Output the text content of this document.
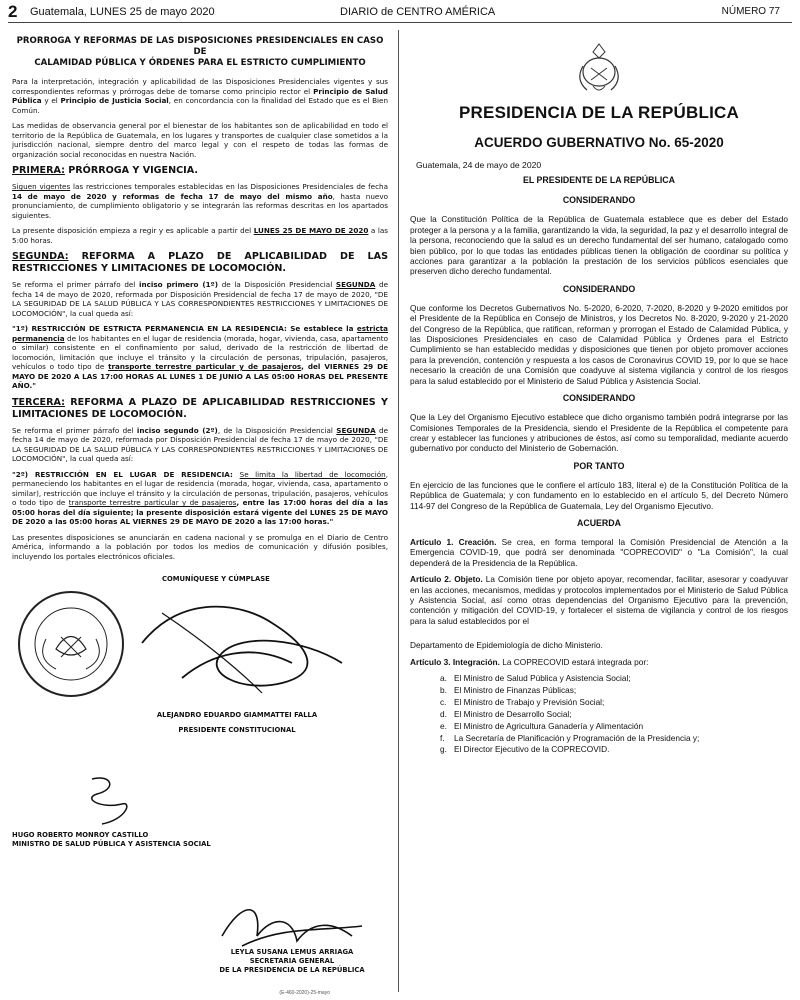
2 Guatemala, LUNES 25 de mayo 2020	DIARIO de CENTRO AMÉRICA	NÚMERO 77
PRÓRROGA Y REFORMAS DE LAS DISPOSICIONES PRESIDENCIALES EN CASO DE
CALAMIDAD PÚBLICA Y ÓRDENES PARA EL ESTRICTO CUMPLIMIENTO

Para la interpretación, integración y aplicabilidad de las Disposiciones Presidenciales vigentes y sus correspondientes reformas y prórrogas debe de tomarse como principio rector el Principio de Salud Pública y el Principio de Justicia Social, en concordancia con la finalidad del Estado que es el Bien Común.

Las medidas de observancia general por el bienestar de los habitantes son de aplicabilidad en todo el territorio de la República de Guatemala, en los lugares y transportes de cualquier clase sometidos a la jurisdicción nacional, siempre dentro del marco legal y con el respeto de todas las formas de organización social reconocidas en nuestra Nación.

PRIMERA: PRÓRROGA Y VIGENCIA.

Siguen vigentes las restricciones temporales establecidas en las Disposiciones Presidenciales de fecha 14 de mayo de 2020 y reformas de fecha 17 de mayo del mismo año, hasta nuevo pronunciamiento, de cumplimiento obligatorio y se integrarán las reformas descritas en los apartados siguientes.

La presente disposición empieza a regir y es aplicable a partir del LUNES 25 DE MAYO DE 2020 a las 5:00 horas.

SEGUNDA: REFORMA A PLAZO DE APLICABILIDAD DE LAS RESTRICCIONES Y LIMITACIONES DE LOCOMOCIÓN.

Se reforma el primer párrafo del inciso primero (1º) de la Disposición Presidencial SEGUNDA de fecha 14 de mayo de 2020, reformada por Disposición Presidencial de fecha 17 de mayo de 2020, "DE LA SEGURIDAD DE LA SALUD PÚBLICA Y LAS CORRESPONDIENTES RESTRICCIONES Y LIMITACIONES DE LOCOMOCIÓN", la cual queda así:

"1º) RESTRICCIÓN DE ESTRICTA PERMANENCIA EN LA RESIDENCIA: Se establece la estricta permanencia de los habitantes en el lugar de residencia (morada, hogar, vivienda, casa, apartamento o similar) consistente en el confinamiento por salud, derivado de la restricción de libertad de locomoción, limitación que incluye el tránsito y la circulación de personas, tripulación, pasajeros, vehículos o todo tipo de transporte terrestre particular y de pasajeros, del VIERNES 29 DE MAYO DE 2020 A LAS 17:00 HORAS AL LUNES 1 DE JUNIO A LAS 05:00 HORAS DEL PRESENTE AÑO."

TERCERA: REFORMA A PLAZO DE APLICABILIDAD RESTRICCIONES Y LIMITACIONES DE LOCOMOCIÓN.

Se reforma el primer párrafo del inciso segundo (2º), de la Disposición Presidencial SEGUNDA de fecha 14 de mayo de 2020, reformada por Disposición Presidencial de fecha 17 de mayo de 2020, "DE LA SEGURIDAD DE LA SALUD PÚBLICA Y LAS CORRESPONDIENTES RESTRICCIONES Y LIMITACIONES DE LOCOMOCIÓN", la cual queda así:

"2º) RESTRICCIÓN EN EL LUGAR DE RESIDENCIA: Se limita la libertad de locomoción, permaneciendo los habitantes en el lugar de residencia (morada, hogar, vivienda, casa, apartamento o similar), restricción que incluye el tránsito y la circulación de personas, tripulación, pasajeros, vehículos o todo tipo de transporte terrestre particular y de pasajeros, entre las 17:00 horas del día a las 05:00 horas del día siguiente; la presente disposición estará vigente del LUNES 25 DE MAYO DE 2020 a las 05:00 horas AL VIERNES 29 DE MAYO DE 2020 a las 17:00 horas."

Las presentes disposiciones se anunciarán en cadena nacional y se promulga en el Diario de Centro América, informando a la población por todos los medios de comunicación y difusión posibles, incluyendo los portales electrónicos oficiales.

COMUNÍQUESE Y CÚMPLASE
ALEJANDRO EDUARDO GIAMMATTEI FALLA
PRESIDENTE CONSTITUCIONAL
HUGO ROBERTO MONROY CASTILLO
MINISTRO DE SALUD PÚBLICA Y ASISTENCIA SOCIAL
LEYLA SUSANA LEMUS ARRIAGA
SECRETARIA GENERAL
DE LA PRESIDENCIA DE LA REPÚBLICA
PRESIDENCIA DE LA REPÚBLICA
ACUERDO GUBERNATIVO No. 65-2020
Guatemala, 24 de mayo de 2020
EL PRESIDENTE DE LA REPÚBLICA
CONSIDERANDO

Que la Constitución Política de la República de Guatemala establece que es deber del Estado proteger a la persona y a la familia, garantizando la vida, la seguridad, la paz y el desarrollo integral de la persona, reconociendo que la salud es un derecho fundamental del ser humano, catalogado como bien público, por lo que todas las entidades públicas tienen la obligación de coordinar su política y acciones para garantizar a la población la prestación de los servicios públicos esenciales que preserven dicho derecho fundamental.

CONSIDERANDO

Que conforme los Decretos Gubernativos No. 5-2020, 6-2020, 7-2020, 8-2020 y 9-2020 emitidos por el Presidente de la República en Consejo de Ministros, y los Decretos No. 8-2020, 9-2020 y 21-2020 del Congreso de la República, que ratifican, reforman y prorrogan el Estado de Calamidad Pública, y las Disposiciones Presidenciales en caso de Calamidad Pública y Órdenes para el Estricto Cumplimiento se han establecido medidas y disposiciones que tienen por objeto promover acciones para la prevención, contención y respuesta a los casos de Coronavirus COVID 19, por lo que se hace necesario la creación de una Comisión que coadyuve al sistema vigilancia y control de los riesgos para la salud establecido por el Ministerio de Salud Pública y Asistencia Social.

CONSIDERANDO

Que la Ley del Organismo Ejecutivo establece que dicho organismo también podrá integrarse por las Comisiones Temporales de la Presidencia, siendo el Presidente de la República el competente para crear y establecer las funciones y atribuciones de éstos, así como su temporalidad, mediante acuerdo gubernativo por conducto del Ministerio de Gobernación.

POR TANTO

En ejercicio de las funciones que le confiere el artículo 183, literal e) de la Constitución Política de la República de Guatemala; y con fundamento en lo establecido en el artículo 5, del Decreto Número 114-97 del Congreso de la República de Guatemala, Ley del Organismo Ejecutivo.

ACUERDA

Artículo 1. Creación. Se crea, en forma temporal la Comisión Presidencial de Atención a la Emergencia COVID-19, que podrá ser denominada "COPRECOVID" o "La Comisión", la cual dependerá de la Presidencia de la República.

Artículo 2. Objeto. La Comisión tiene por objeto apoyar, recomendar, facilitar, asesorar y coadyuvar en las acciones, mecanismos, medidas y protocolos implementados por el Ministerio de Salud Pública y Asistencia Social, así como otras dependencias del Organismo Ejecutivo para la prevención, contención y mitigación del COVID-19, y fortalecer el sistema de vigilancia y control de los riesgos para la salud establecidos por el

Departamento de Epidemiología de dicho Ministerio.

Artículo 3. Integración. La COPRECOVID estará integrada por:

a. El Ministro de Salud Pública y Asistencia Social;
b. El Ministro de Finanzas Públicas;
c. El Ministro de Trabajo y Previsión Social;
d. El Ministro de Desarrollo Social;
e. El Ministro de Agricultura Ganadería y Alimentación
f. La Secretaría de Planificación y Programación de la Presidencia y;
g. El Director Ejecutivo de la COPRECOVID.
(E-460-2020)-25-mayo
